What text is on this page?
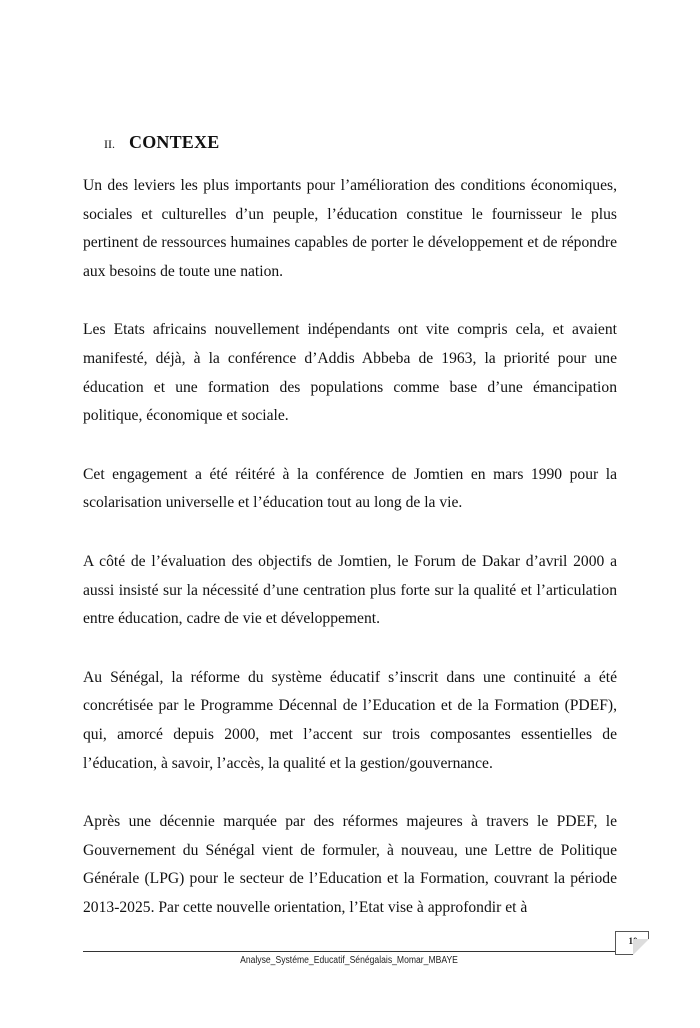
II. CONTEXE

Un des leviers les plus importants pour l’amélioration des conditions économiques, sociales et culturelles d’un peuple, l’éducation constitue le fournisseur le plus pertinent de ressources humaines capables de porter le développement et de répondre aux besoins de toute une nation.

Les Etats africains nouvellement indépendants ont vite compris cela, et avaient manifesté, déjà, à la conférence d’Addis Abbeba de 1963, la priorité pour une éducation et une formation des populations comme base d’une émancipation politique, économique et sociale.

Cet engagement a été réitéré à la conférence de Jomtien en mars 1990 pour la scolarisation universelle et l’éducation tout au long de la vie.

A côté de l’évaluation des objectifs de Jomtien, le Forum de Dakar d’avril 2000 a aussi insisté sur la nécessité d’une centration plus forte sur la qualité et l’articulation entre éducation, cadre de vie et développement.

Au Sénégal, la réforme du système éducatif s’inscrit dans une continuité a été concrétisée par le Programme Décennal de l’Education et de la Formation (PDEF), qui, amorcé depuis 2000, met l’accent sur trois composantes essentielles de l’éducation, à savoir, l’accès, la qualité et la gestion/gouvernance.

Après une décennie marquée par des réformes majeures à travers le PDEF, le Gouvernement du Sénégal vient de formuler, à nouveau, une Lettre de Politique Générale (LPG) pour le secteur de l’Education et la Formation, couvrant la période 2013-2025. Par cette nouvelle orientation, l’Etat vise à approfondir et à

10
Analyse_Systéme_Educatif_Sénégalais_Momar_MBAYE
